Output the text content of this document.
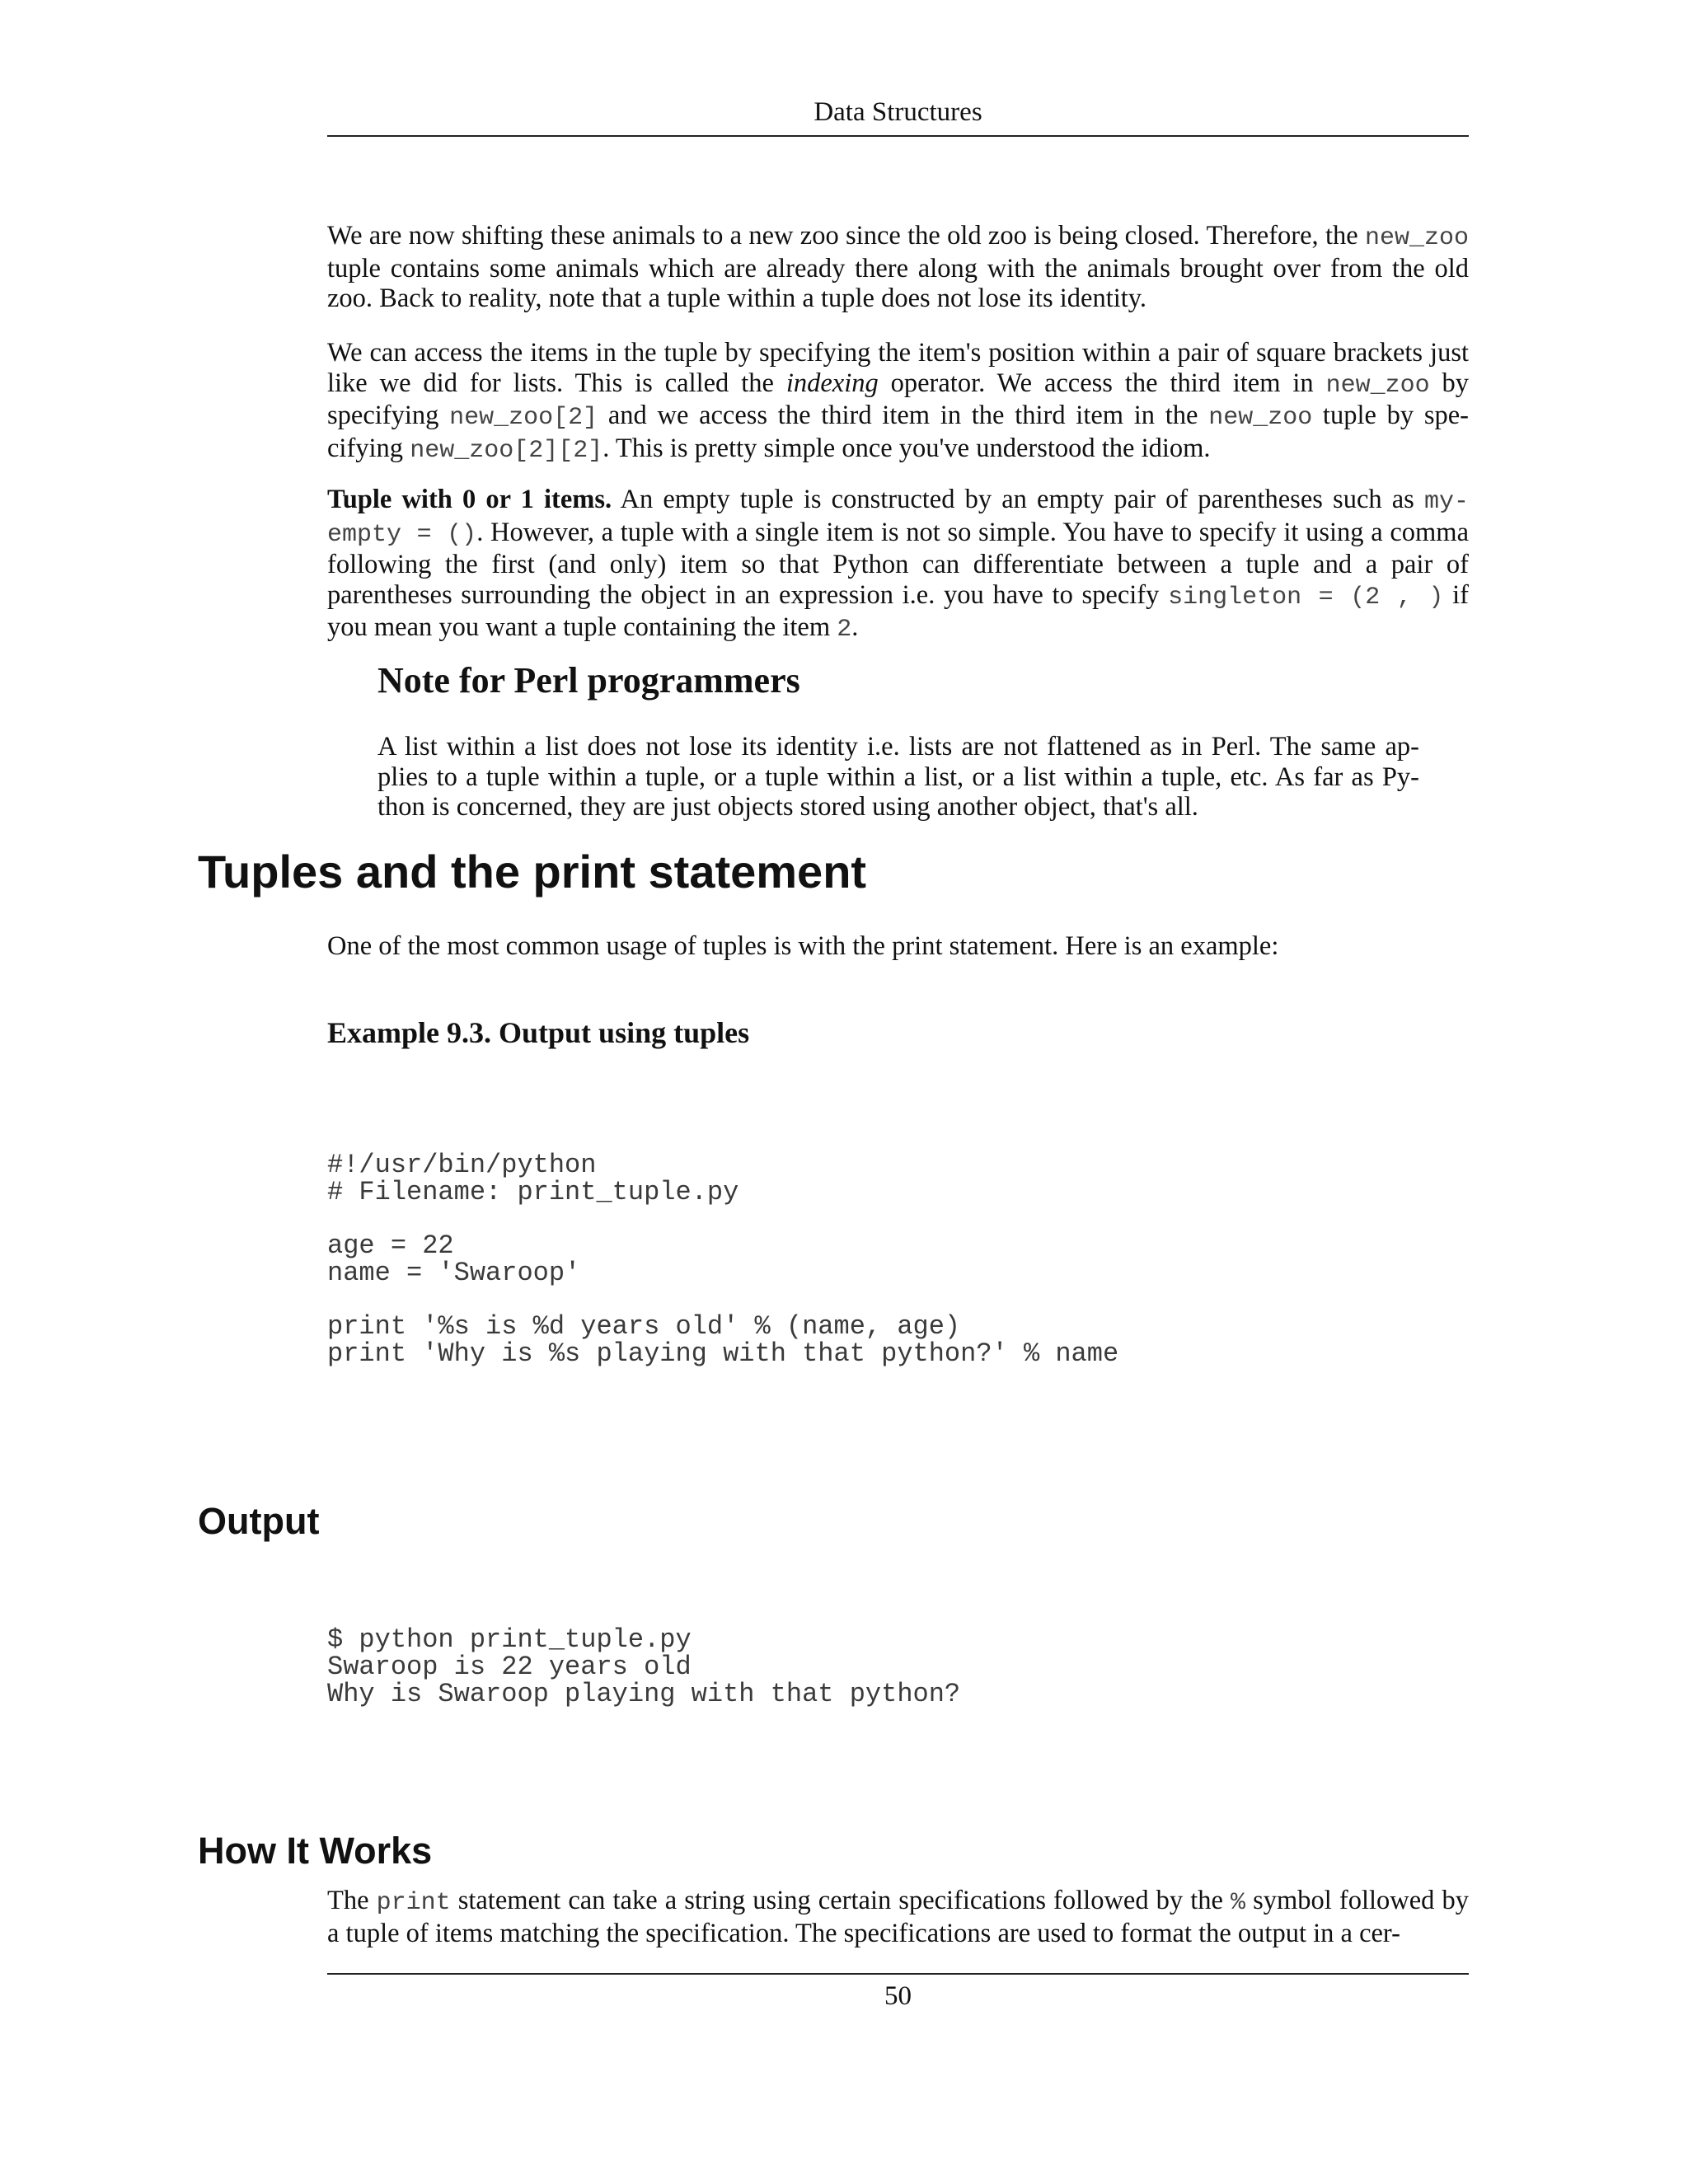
Data Structures

We are now shifting these animals to a new zoo since the old zoo is being closed. Therefore, the new_zoo tuple contains some animals which are already there along with the animals brought over from the old zoo. Back to reality, note that a tuple within a tuple does not lose its identity.

We can access the items in the tuple by specifying the item's position within a pair of square brackets just like we did for lists. This is called the indexing operator. We access the third item in new_zoo by specifying new_zoo[2] and we access the third item in the third item in the new_zoo tuple by spe- cifying new_zoo[2][2]. This is pretty simple once you've understood the idiom.

Tuple with 0 or 1 items. An empty tuple is constructed by an empty pair of parentheses such as my- empty = (). However, a tuple with a single item is not so simple. You have to specify it using a comma following the first (and only) item so that Python can differentiate between a tuple and a pair of parentheses surrounding the object in an expression i.e. you have to specify singleton = (2 , ) if you mean you want a tuple containing the item 2.

Note for Perl programmers

A list within a list does not lose its identity i.e. lists are not flattened as in Perl. The same ap- plies to a tuple within a tuple, or a tuple within a list, or a list within a tuple, etc. As far as Py- thon is concerned, they are just objects stored using another object, that's all.

Tuples and the print statement

One of the most common usage of tuples is with the print statement. Here is an example:

Example 9.3. Output using tuples
#!/usr/bin/python
# Filename: print_tuple.py
age = 22
name = 'Swaroop'
print '%s is %d years old' % (name, age)
print 'Why is %s playing with that python?' % name
Output
$ python print_tuple.py
Swaroop is 22 years old
Why is Swaroop playing with that python?
How It Works

The print statement can take a string using certain specifications followed by the % symbol followed by a tuple of items matching the specification. The specifications are used to format the output in a cer-

50
